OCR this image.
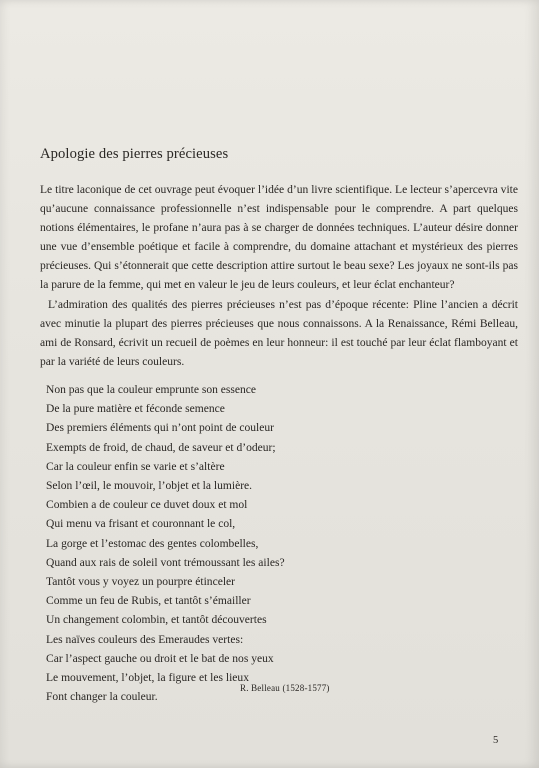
Apologie des pierres précieuses

Le titre laconique de cet ouvrage peut évoquer l’idée d’un livre scientifique. Le lecteur s’apercevra vite qu’aucune connaissance professionnelle n’est indispensable pour le comprendre. A part quelques notions élémentaires, le profane n’aura pas à se charger de données techniques. L’auteur désire donner une vue d’ensemble poétique et facile à comprendre, du domaine attachant et mystérieux des pierres précieuses. Qui s’étonnerait que cette description attire surtout le beau sexe? Les joyaux ne sont-ils pas la parure de la femme, qui met en valeur le jeu de leurs couleurs, et leur éclat enchanteur?

L’admiration des qualités des pierres précieuses n’est pas d’époque récente: Pline l’ancien a décrit avec minutie la plupart des pierres précieuses que nous connaissons. A la Renaissance, Rémi Belleau, ami de Ronsard, écrivit un recueil de poèmes en leur honneur: il est touché par leur éclat flamboyant et par la variété de leurs couleurs.

Non pas que la couleur emprunte son essence
De la pure matière et féconde semence
Des premiers éléments qui n’ont point de couleur
Exempts de froid, de chaud, de saveur et d’odeur;
Car la couleur enfin se varie et s’altère
Selon l’œil, le mouvoir, l’objet et la lumière.
Combien a de couleur ce duvet doux et mol
Qui menu va frisant et couronnant le col,
La gorge et l’estomac des gentes colombelles,
Quand aux rais de soleil vont trémoussant les ailes?
Tantôt vous y voyez un pourpre étinceler
Comme un feu de Rubis, et tantôt s’émailler
Un changement colombin, et tantôt découvertes
Les naïves couleurs des Emeraudes vertes:
Car l’aspect gauche ou droit et le bat de nos yeux
Le mouvement, l’objet, la figure et les lieux
Font changer la couleur.
R. Belleau (1528-1577)
5
